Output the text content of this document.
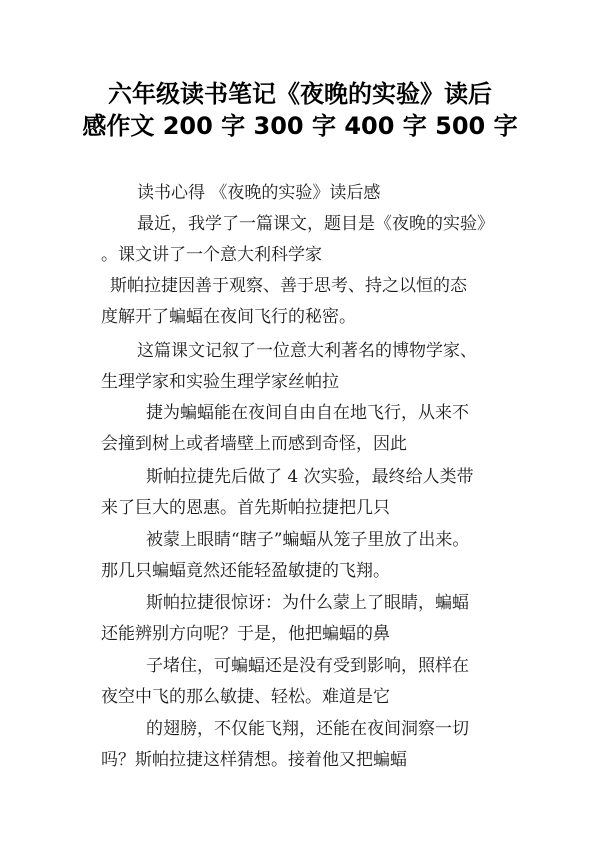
六年级读书笔记《夜晚的实验》读后
感作文 200 字 300 字 400 字 500 字
读书心得 《夜晚的实验》读后感
最近，我学了一篇课文，题目是《夜晚的实验》
。课文讲了一个意大利科学家
斯帕拉捷因善于观察、善于思考、持之以恒的态
度解开了蝙蝠在夜间飞行的秘密。
这篇课文记叙了一位意大利著名的博物学家、
生理学家和实验生理学家丝帕拉
捷为蝙蝠能在夜间自由自在地飞行，从来不
会撞到树上或者墙壁上而感到奇怪，因此
斯帕拉捷先后做了 4 次实验，最终给人类带
来了巨大的恩惠。首先斯帕拉捷把几只
被蒙上眼睛“瞎子”蝙蝠从笼子里放了出来。
那几只蝙蝠竟然还能轻盈敏捷的飞翔。
斯帕拉捷很惊讶：为什么蒙上了眼睛，蝙蝠
还能辨别方向呢？于是，他把蝙蝠的鼻
子堵住，可蝙蝠还是没有受到影响，照样在
夜空中飞的那么敏捷、轻松。难道是它
的翅膀，不仅能飞翔，还能在夜间洞察一切
吗？斯帕拉捷这样猜想。接着他又把蝙蝠
